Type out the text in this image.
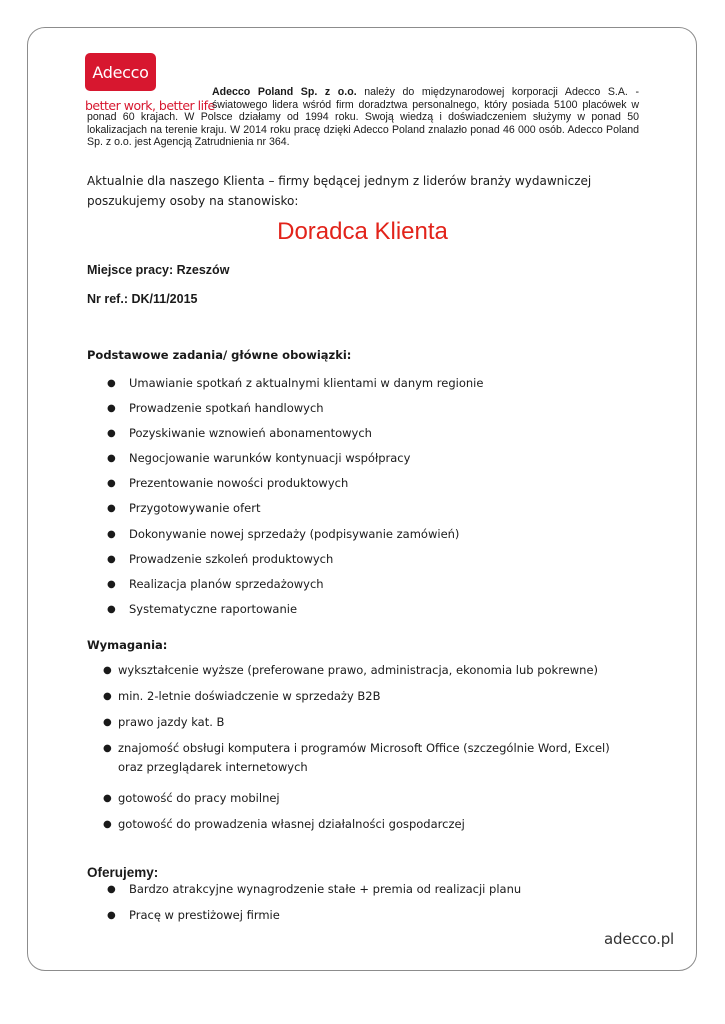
Adecco
better work, better life

Adecco Poland Sp. z o.o. należy do międzynarodowej korporacji Adecco S.A. - światowego lidera wśród firm doradztwa personalnego, który posiada 5100 placówek w ponad 60 krajach. W Polsce działamy od 1994 roku. Swoją wiedzą i doświadczeniem służymy w ponad 50 lokalizacjach na terenie kraju. W 2014 roku pracę dzięki Adecco Poland znalazło ponad 46 000 osób. Adecco Poland Sp. z o.o. jest Agencją Zatrudnienia nr 364.

Aktualnie dla naszego Klienta – firmy będącej jednym z liderów branży wydawniczej poszukujemy osoby na stanowisko:

Doradca Klienta

Miejsce pracy: Rzeszów

Nr ref.: DK/11/2015

Podstawowe zadania/ główne obowiązki:

● Umawianie spotkań z aktualnymi klientami w danym regionie
● Prowadzenie spotkań handlowych
● Pozyskiwanie wznowień abonamentowych
● Negocjowanie warunków kontynuacji współpracy
● Prezentowanie nowości produktowych
● Przygotowywanie ofert
● Dokonywanie nowej sprzedaży (podpisywanie zamówień)
● Prowadzenie szkoleń produktowych
● Realizacja planów sprzedażowych
● Systematyczne raportowanie

Wymagania:

● wykształcenie wyższe (preferowane prawo, administracja, ekonomia lub pokrewne)
● min. 2-letnie doświadczenie w sprzedaży B2B
● prawo jazdy kat. B
● znajomość obsługi komputera i programów Microsoft Office (szczególnie Word, Excel) oraz przeglądarek internetowych
● gotowość do pracy mobilnej
● gotowość do prowadzenia własnej działalności gospodarczej

Oferujemy:

● Bardzo atrakcyjne wynagrodzenie stałe + premia od realizacji planu
● Pracę w prestiżowej firmie
adecco.pl
